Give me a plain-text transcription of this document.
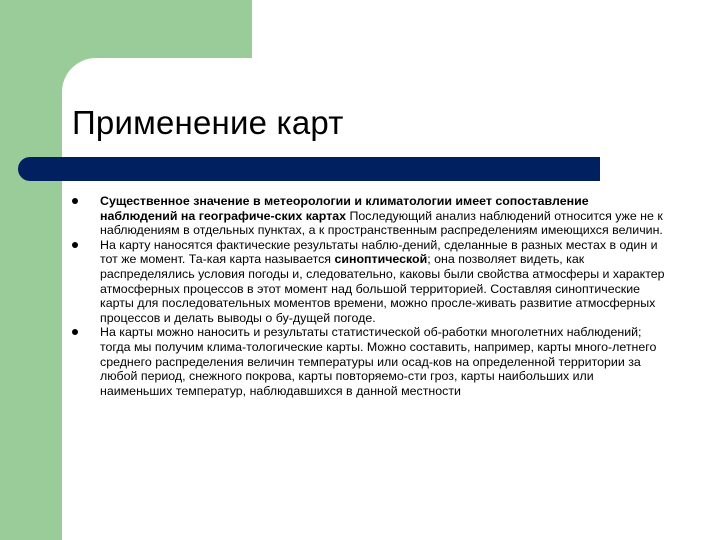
Применение карт
Существенное значение в метеорологии и климатологии имеет сопоставление наблюдений на географиче-ских картах Последующий анализ наблюдений относится уже не к наблюдениям в отдельных пунктах, а к пространственным распределениям имеющихся величин.
На карту наносятся фактические результаты наблю-дений, сделанные в разных местах в один и тот же момент. Та-кая карта называется синоптической; она позволяет видеть, как распределялись условия погоды и, следовательно, каковы были свойства атмосферы и характер атмосферных процессов в этот момент над большой территорией. Составляя синоптические карты для последовательных моментов времени, можно просле-живать развитие атмосферных процессов и делать выводы о бу-дущей погоде.
На карты можно наносить и результаты статистической об-работки многолетних наблюдений; тогда мы получим клима-тологические карты. Можно составить, например, карты много-летнего среднего распределения величин температуры или осад-ков на определенной территории за любой период, снежного покрова, карты повторяемо-сти гроз, карты наибольших или наименьших температур, наблюдавшихся в данной местности
